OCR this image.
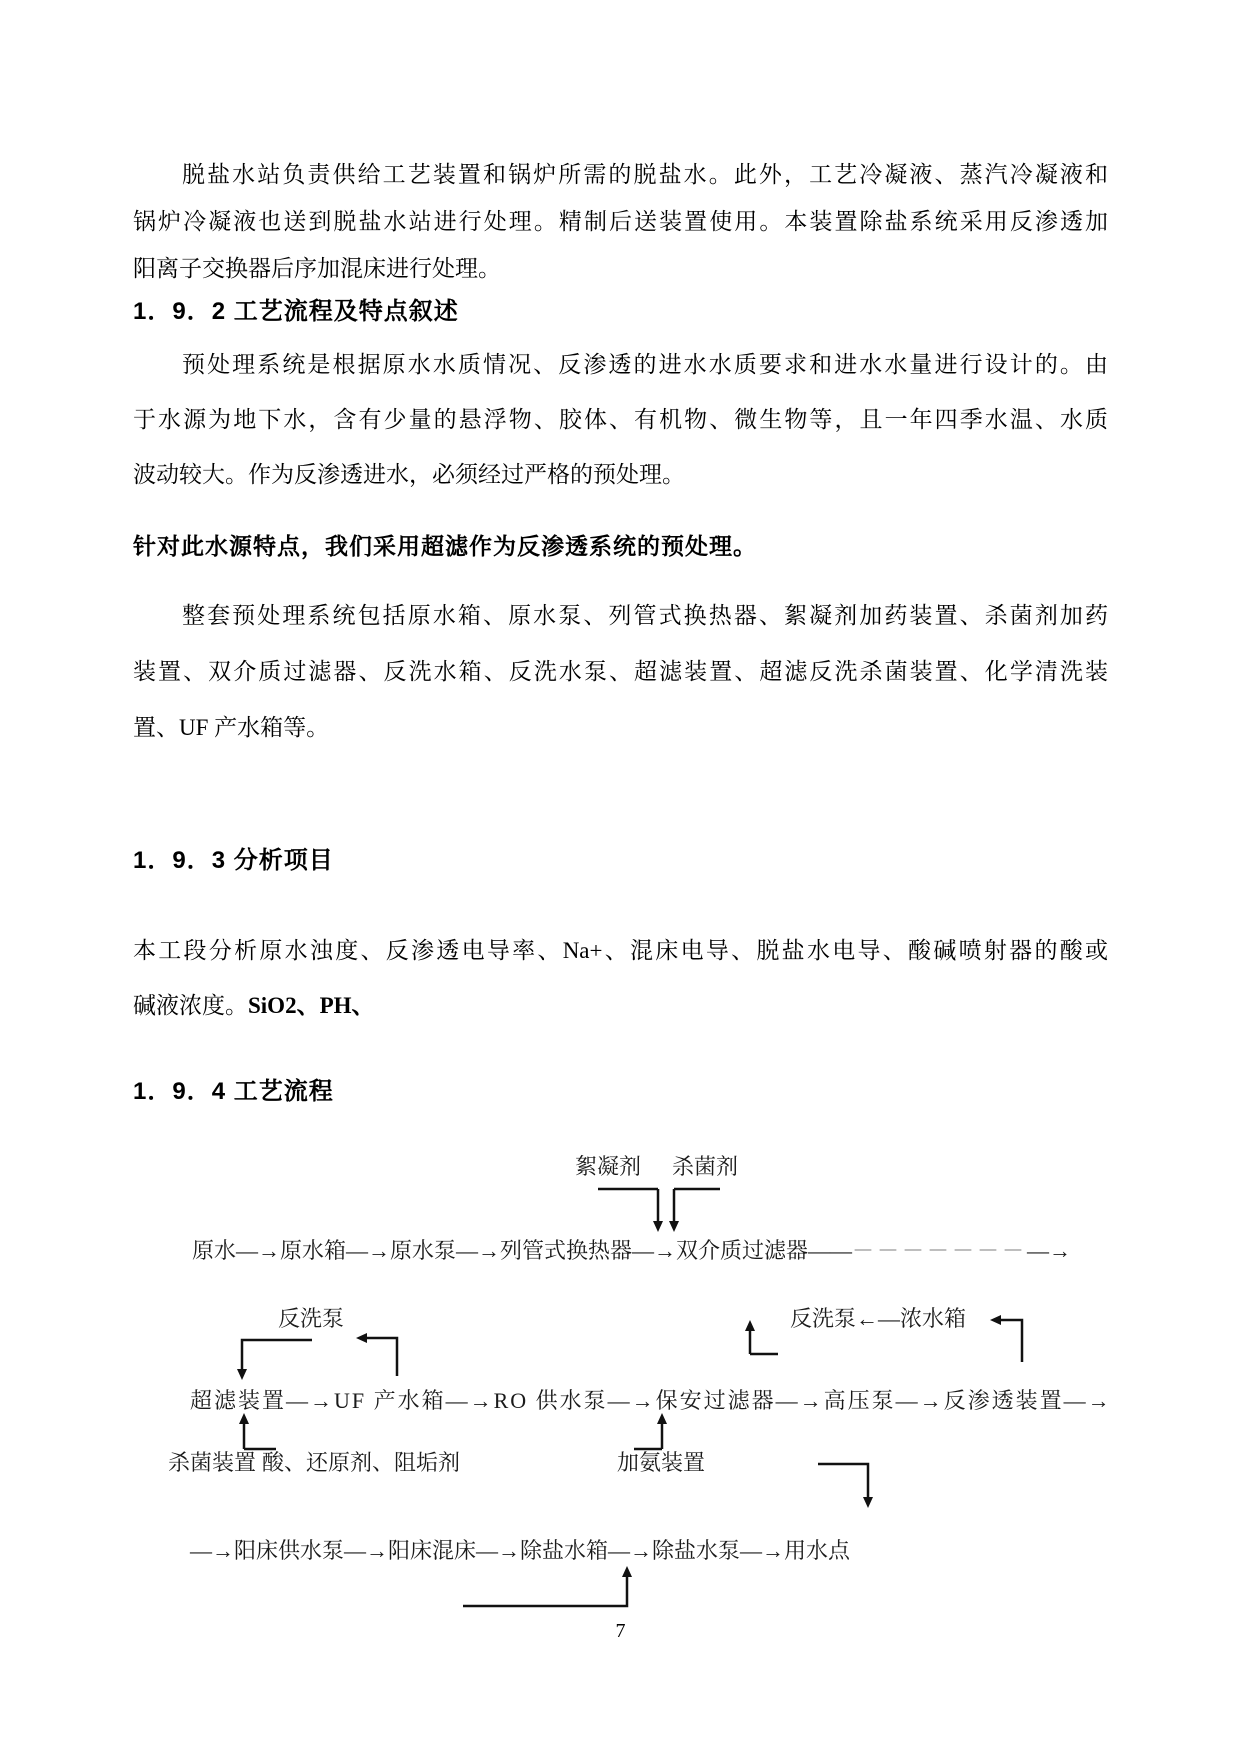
脱盐水站负责供给工艺装置和锅炉所需的脱盐水。此外，工艺冷凝液、蒸汽冷凝液和
锅炉冷凝液也送到脱盐水站进行处理。精制后送装置使用。本装置除盐系统采用反渗透加
阳离子交换器后序加混床进行处理。
1．9．2 工艺流程及特点叙述
预处理系统是根据原水水质情况、反渗透的进水水质要求和进水水量进行设计的。由
于水源为地下水，含有少量的悬浮物、胶体、有机物、微生物等，且一年四季水温、水质
波动较大。作为反渗透进水，必须经过严格的预处理。
针对此水源特点，我们采用超滤作为反渗透系统的预处理。
整套预处理系统包括原水箱、原水泵、列管式换热器、絮凝剂加药装置、杀菌剂加药
装置、双介质过滤器、反洗水箱、反洗水泵、超滤装置、超滤反洗杀菌装置、化学清洗装
置、UF 产水箱等。
1．9．3 分析项目
本工段分析原水浊度、反渗透电导率、Na+、混床电导、脱盐水电导、酸碱喷射器的酸或
碱液浓度。SiO2、PH、
1．9．4 工艺流程
絮凝剂 杀菌剂
原水—→原水箱—→原水泵—→列管式换热器—→双介质过滤器——－－－－－－－—→
反洗泵	反洗泵←—浓水箱
超滤装置—→UF 产水箱—→RO 供水泵—→保安过滤器—→高压泵—→反渗透装置—→
杀菌装置 酸、还原剂、阻垢剂	加氨装置
—→阳床供水泵—→阳床混床—→除盐水箱—→除盐水泵—→用水点
7
